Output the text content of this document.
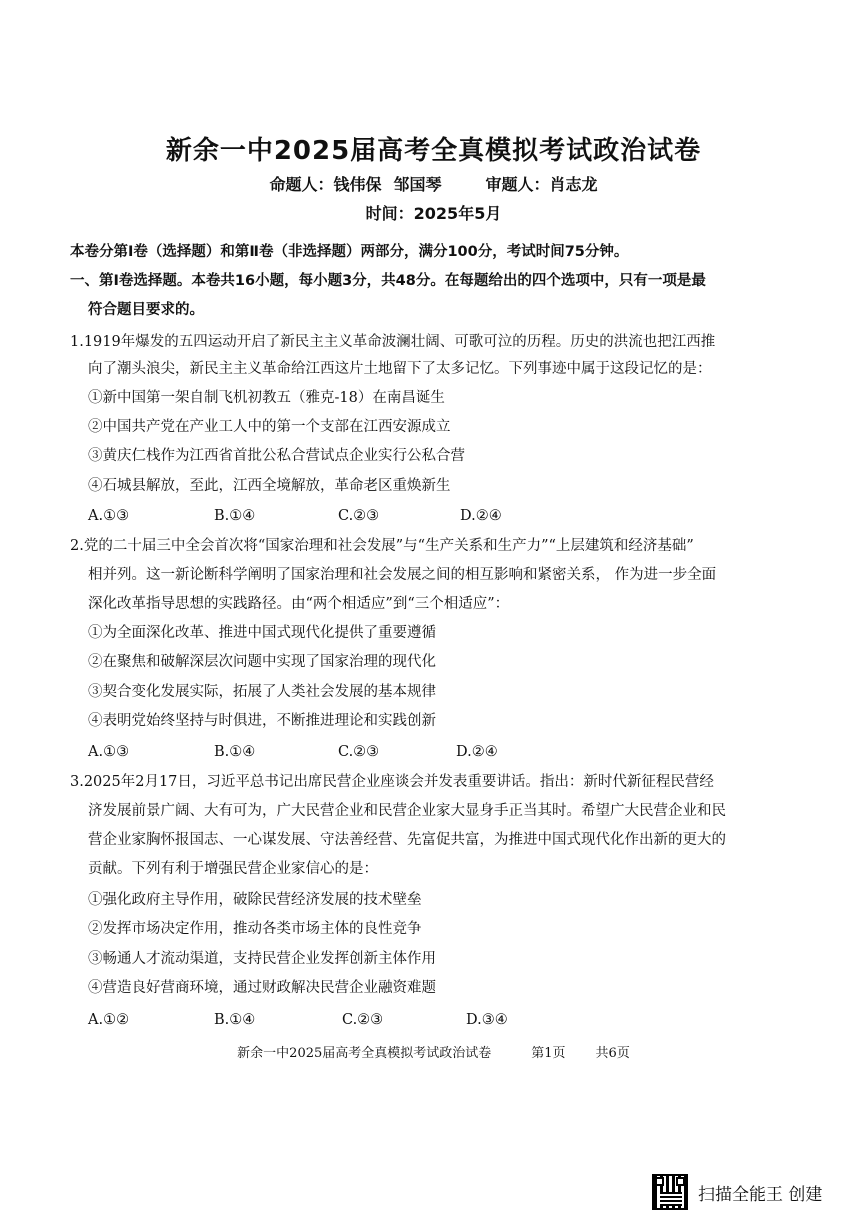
新余一中2025届高考全真模拟考试政治试卷
命题人：钱伟保 邹国琴	审题人：肖志龙
时间：2025年5月
本卷分第Ⅰ卷（选择题）和第Ⅱ卷（非选择题）两部分，满分100分，考试时间75分钟。
一、第Ⅰ卷选择题。本卷共16小题，每小题3分，共48分。在每题给出的四个选项中，只有一项是最
符合题目要求的。
1.1919年爆发的五四运动开启了新民主主义革命波澜壮阔、可歌可泣的历程。历史的洪流也把江西推
向了潮头浪尖，新民主主义革命给江西这片土地留下了太多记忆。下列事迹中属于这段记忆的是：
①新中国第一架自制飞机初教五（雅克-18）在南昌诞生
②中国共产党在产业工人中的第一个支部在江西安源成立
③黄庆仁栈作为江西省首批公私合营试点企业实行公私合营
④石城县解放，至此，江西全境解放，革命老区重焕新生
A.①③	B.①④	C.②③	D.②④
2.党的二十届三中全会首次将“国家治理和社会发展”与“生产关系和生产力”“上层建筑和经济基础”
相并列。这一新论断科学阐明了国家治理和社会发展之间的相互影响和紧密关系， 作为进一步全面
深化改革指导思想的实践路径。由“两个相适应”到“三个相适应”：
①为全面深化改革、推进中国式现代化提供了重要遵循
②在聚焦和破解深层次问题中实现了国家治理的现代化
③契合变化发展实际，拓展了人类社会发展的基本规律
④表明党始终坚持与时俱进，不断推进理论和实践创新
A.①③	B.①④	C.②③	D.②④
3.2025年2月17日，习近平总书记出席民营企业座谈会并发表重要讲话。指出：新时代新征程民营经
济发展前景广阔、大有可为，广大民营企业和民营企业家大显身手正当其时。希望广大民营企业和民
营企业家胸怀报国志、一心谋发展、守法善经营、先富促共富，为推进中国式现代化作出新的更大的
贡献。下列有利于增强民营企业家信心的是：
①强化政府主导作用，破除民营经济发展的技术壁垒
②发挥市场决定作用，推动各类市场主体的良性竞争
③畅通人才流动渠道，支持民营企业发挥创新主体作用
④营造良好营商环境，通过财政解决民营企业融资难题
A.①②	B.①④	C.②③	D.③④
新余一中2025届高考全真模拟考试政治试卷	第1页 共6页
扫描全能王 创建
